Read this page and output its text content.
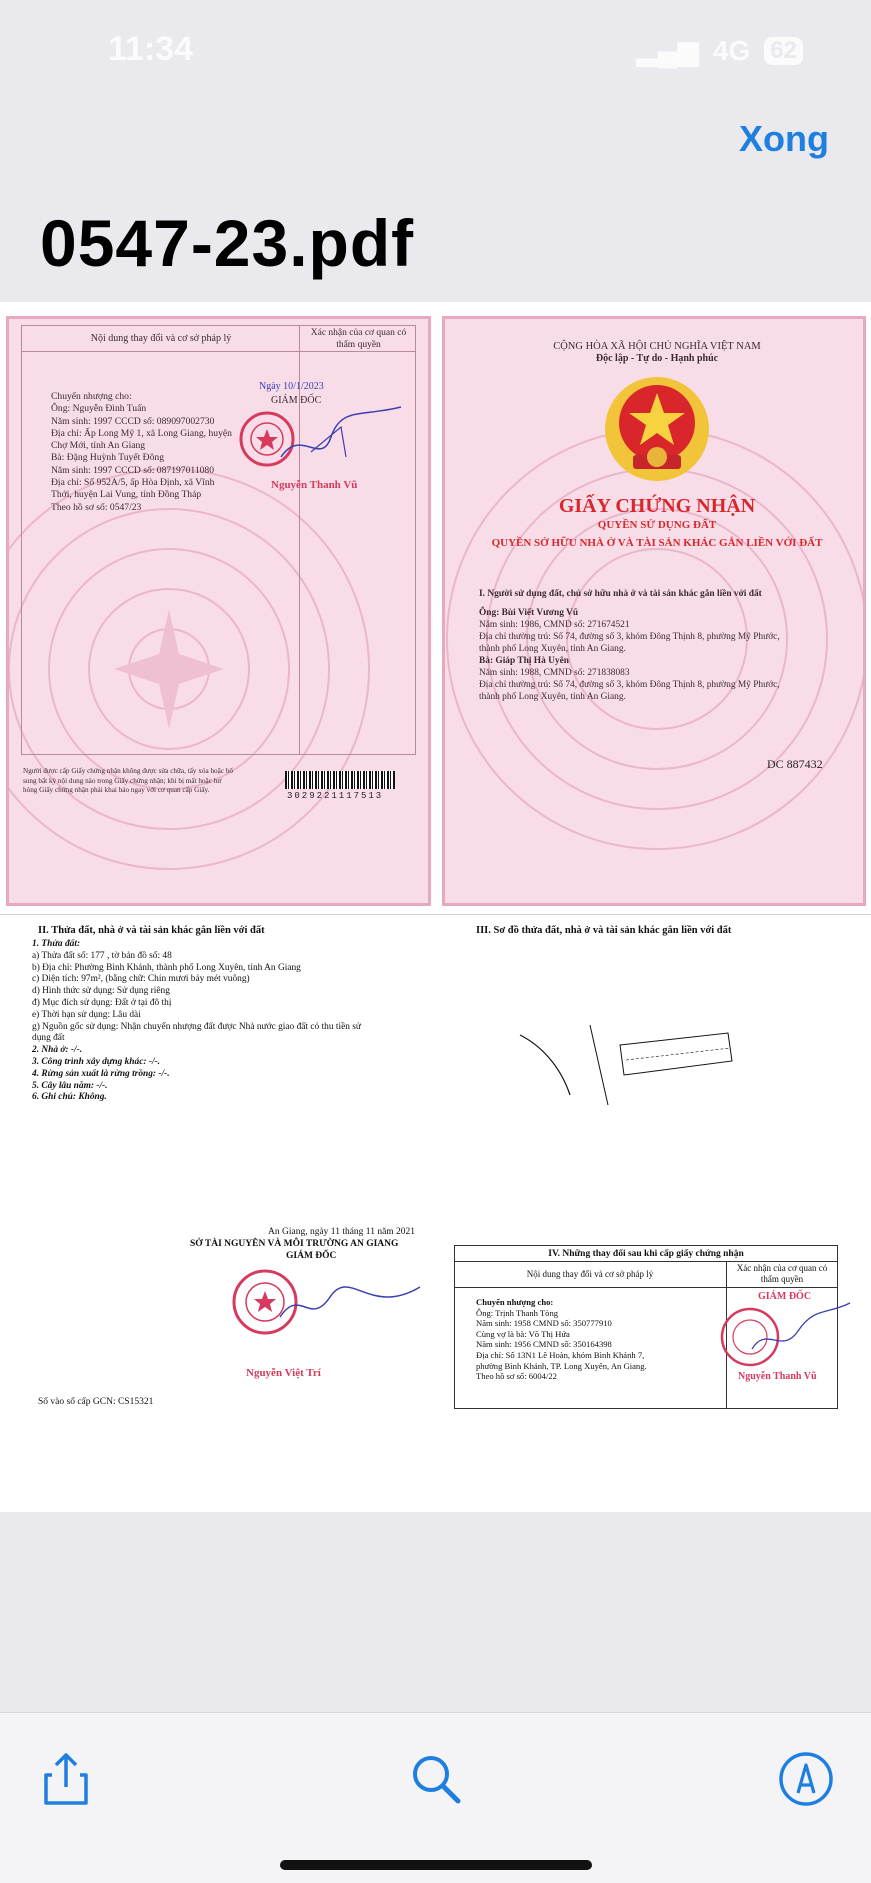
11:34	▂▄▆ 4G 62
Xong
0547-23.pdf
Nội dung thay đổi và cơ sở pháp lý	Xác nhận của cơ quan có thẩm quyền
Chuyển nhượng cho:
Ông: Nguyễn Đình Tuấn
Năm sinh: 1997 CCCD số: 089097002730
Địa chỉ: Ấp Long Mỹ 1, xã Long Giang, huyện
Chợ Mới, tỉnh An Giang
Bà: Đặng Huỳnh Tuyết Đông
Năm sinh: 1997 CCCD số: 087197011080
Địa chỉ: Số 952A/5, ấp Hòa Định, xã Vĩnh
Thới, huyện Lai Vung, tỉnh Đồng Tháp
Theo hồ sơ số: 0547/23
Ngày 10/1/2023
GIÁM ĐỐC
Nguyễn Thanh Vũ
Người được cấp Giấy chứng nhận không được sửa chữa, tẩy xóa hoặc bổ
sung bất kỳ nội dung nào trong Giấy chứng nhận; khi bị mất hoặc hư
hỏng Giấy chứng nhận phải khai báo ngay với cơ quan cấp Giấy.
3029221117513
CỘNG HÒA XÃ HỘI CHỦ NGHĨA VIỆT NAM
Độc lập - Tự do - Hạnh phúc
GIẤY CHỨNG NHẬN
QUYỀN SỬ DỤNG ĐẤT
QUYỀN SỞ HỮU NHÀ Ở VÀ TÀI SẢN KHÁC GẮN LIỀN VỚI ĐẤT
I. Người sử dụng đất, chủ sở hữu nhà ở và tài sản khác gắn liền với đất
Ông: Bùi Viết Vương Vũ
Năm sinh: 1986, CMND số: 271674521
Địa chỉ thường trú: Số 74, đường số 3, khóm Đông Thịnh 8, phường Mỹ Phước,
thành phố Long Xuyên, tỉnh An Giang.
Bà: Giáp Thị Hà Uyên
Năm sinh: 1988, CMND số: 271838083
Địa chỉ thường trú: Số 74, đường số 3, khóm Đông Thịnh 8, phường Mỹ Phước,
thành phố Long Xuyên, tỉnh An Giang.
DC 887432
II. Thửa đất, nhà ở và tài sản khác gắn liền với đất
1. Thửa đất:
a) Thửa đất số: 177 , tờ bản đồ số: 48
b) Địa chỉ: Phường Bình Khánh, thành phố Long Xuyên, tỉnh An Giang
c) Diện tích: 97m², (bằng chữ: Chín mươi bảy mét vuông)
d) Hình thức sử dụng: Sử dụng riêng
đ) Mục đích sử dụng: Đất ở tại đô thị
e) Thời hạn sử dụng: Lâu dài
g) Nguồn gốc sử dụng: Nhận chuyển nhượng đất được Nhà nước giao đất có thu tiền sử
dụng đất
2. Nhà ở: -/-.
3. Công trình xây dựng khác: -/-.
4. Rừng sản xuất là rừng trồng: -/-.
5. Cây lâu năm: -/-.
6. Ghi chú: Không.
III. Sơ đồ thửa đất, nhà ở và tài sản khác gắn liền với đất
An Giang, ngày 11 tháng 11 năm 2021
SỞ TÀI NGUYÊN VÀ MÔI TRƯỜNG AN GIANG
GIÁM ĐỐC
Nguyễn Việt Trí
Số vào sổ cấp GCN: CS15321
IV. Những thay đổi sau khi cấp giấy chứng nhận
Nội dung thay đổi và cơ sở pháp lý
Xác nhận của cơ quan có thẩm quyền
Chuyển nhượng cho:
Ông: Trịnh Thanh Tòng
Năm sinh: 1958 CMND số: 350777910
Cùng vợ là bà: Võ Thị Hứa
Năm sinh: 1956 CMND số: 350164398
Địa chỉ: Số 13N1 Lê Hoàn, khóm Bình Khánh 7,
phường Bình Khánh, TP. Long Xuyên, An Giang.
Theo hồ sơ số: 6004/22
GIÁM ĐỐC
Nguyễn Thanh Vũ
